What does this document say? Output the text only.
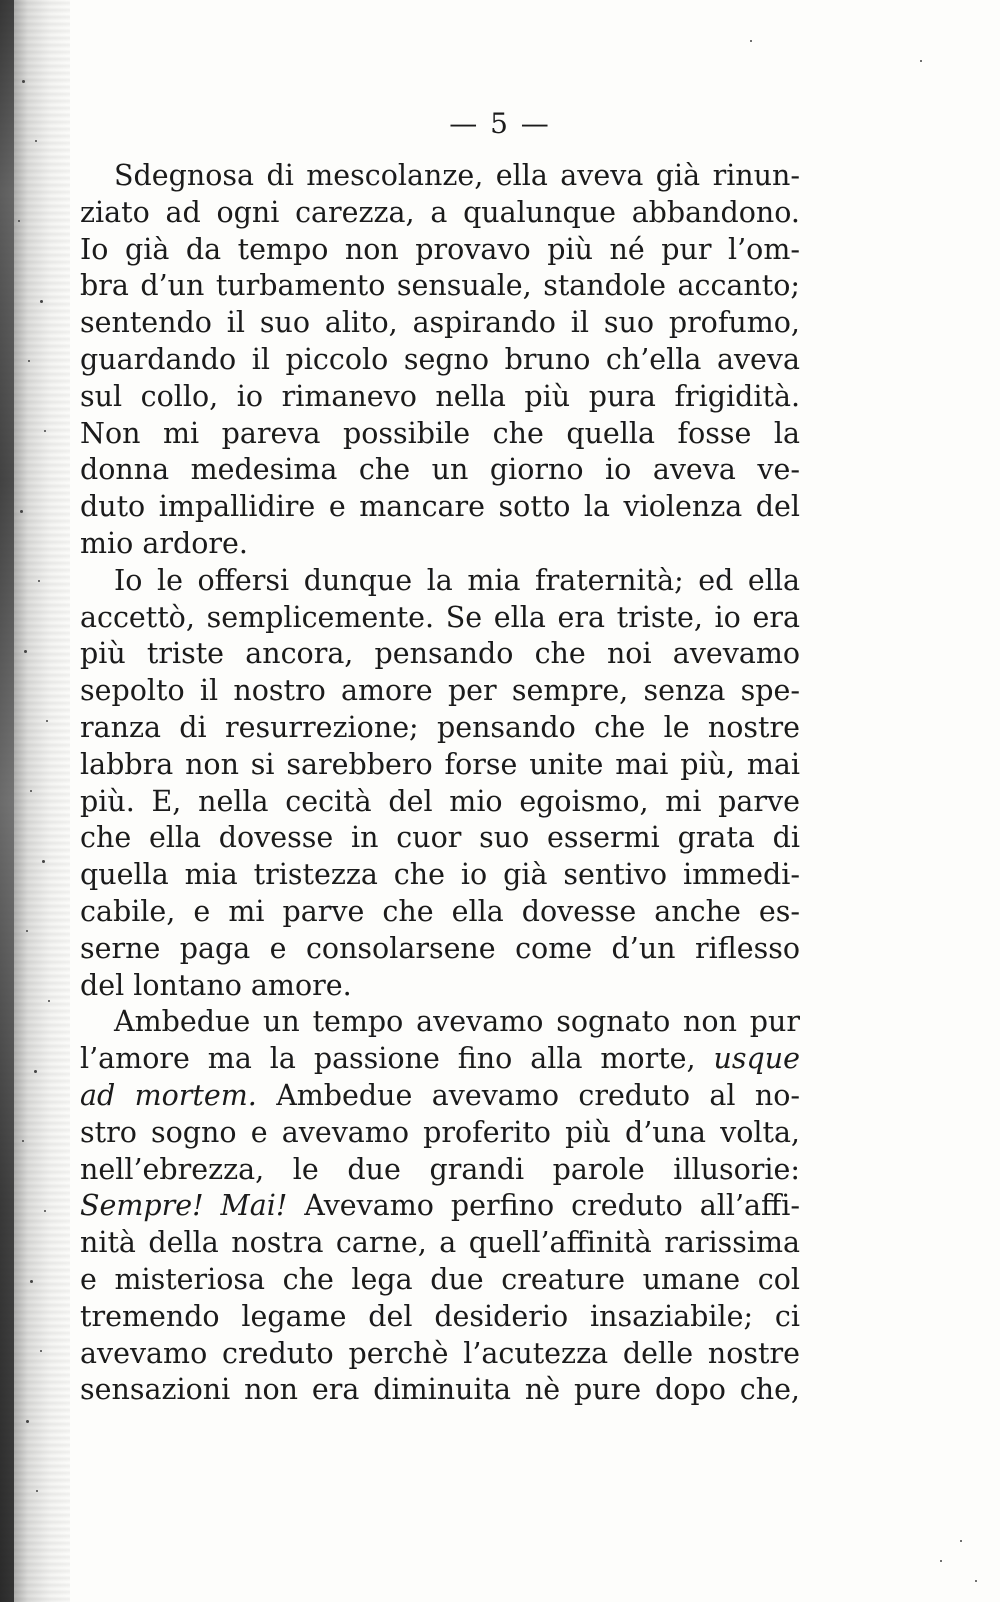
— 5 —
Sdegnosa di mescolanze, ella aveva già rinun-
ziato ad ogni carezza, a qualunque abbandono.
Io già da tempo non provavo più né pur l’om-
bra d’un turbamento sensuale, standole accanto;
sentendo il suo alito, aspirando il suo profumo,
guardando il piccolo segno bruno ch’ella aveva
sul collo, io rimanevo nella più pura frigidità.
Non mi pareva possibile che quella fosse la
donna medesima che un giorno io aveva ve-
duto impallidire e mancare sotto la violenza del
mio ardore.
Io le offersi dunque la mia fraternità; ed ella
accettò, semplicemente. Se ella era triste, io era
più triste ancora, pensando che noi avevamo
sepolto il nostro amore per sempre, senza spe-
ranza di resurrezione; pensando che le nostre
labbra non si sarebbero forse unite mai più, mai
più. E, nella cecità del mio egoismo, mi parve
che ella dovesse in cuor suo essermi grata di
quella mia tristezza che io già sentivo immedi-
cabile, e mi parve che ella dovesse anche es-
serne paga e consolarsene come d’un riflesso
del lontano amore.
Ambedue un tempo avevamo sognato non pur
l’amore ma la passione fino alla morte, usque
ad mortem. Ambedue avevamo creduto al no-
stro sogno e avevamo proferito più d’una volta,
nell’ebrezza, le due grandi parole illusorie:
Sempre! Mai! Avevamo perfino creduto all’affi-
nità della nostra carne, a quell’affinità rarissima
e misteriosa che lega due creature umane col
tremendo legame del desiderio insaziabile; ci
avevamo creduto perchè l’acutezza delle nostre
sensazioni non era diminuita nè pure dopo che,
